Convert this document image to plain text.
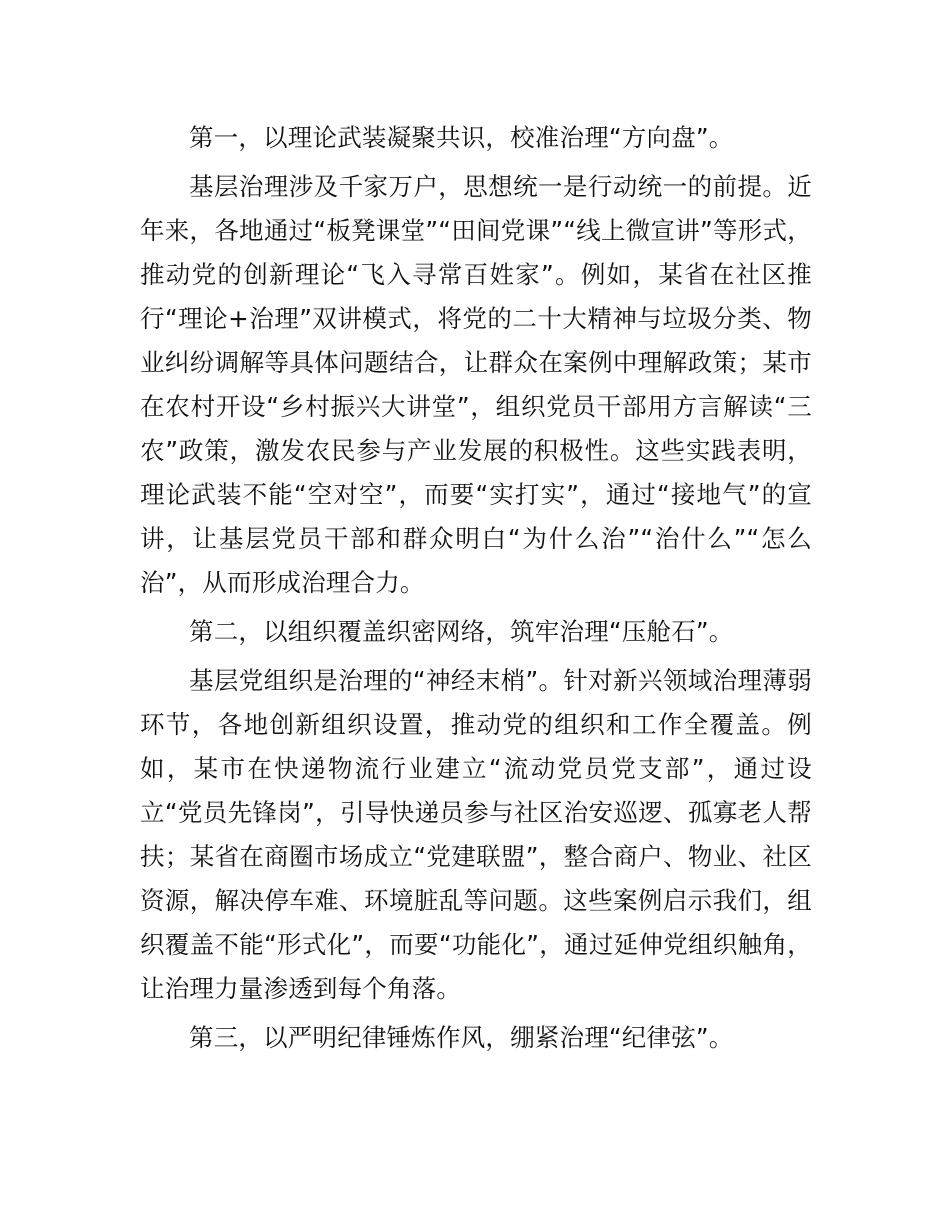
第一，以理论武装凝聚共识，校准治理“方向盘”。

基层治理涉及千家万户，思想统一是行动统一的前提。近年来，各地通过“板凳课堂”“田间党课”“线上微宣讲”等形式，推动党的创新理论“飞入寻常百姓家”。例如，某省在社区推行“理论+治理”双讲模式，将党的二十大精神与垃圾分类、物业纠纷调解等具体问题结合，让群众在案例中理解政策；某市在农村开设“乡村振兴大讲堂”，组织党员干部用方言解读“三农”政策，激发农民参与产业发展的积极性。这些实践表明，理论武装不能“空对空”，而要“实打实”，通过“接地气”的宣讲，让基层党员干部和群众明白“为什么治”“治什么”“怎么治”，从而形成治理合力。

第二，以组织覆盖织密网络，筑牢治理“压舱石”。

基层党组织是治理的“神经末梢”。针对新兴领域治理薄弱环节，各地创新组织设置，推动党的组织和工作全覆盖。例如，某市在快递物流行业建立“流动党员党支部”，通过设立“党员先锋岗”，引导快递员参与社区治安巡逻、孤寡老人帮扶；某省在商圈市场成立“党建联盟”，整合商户、物业、社区资源，解决停车难、环境脏乱等问题。这些案例启示我们，组织覆盖不能“形式化”，而要“功能化”，通过延伸党组织触角，让治理力量渗透到每个角落。

第三，以严明纪律锤炼作风，绷紧治理“纪律弦”。
